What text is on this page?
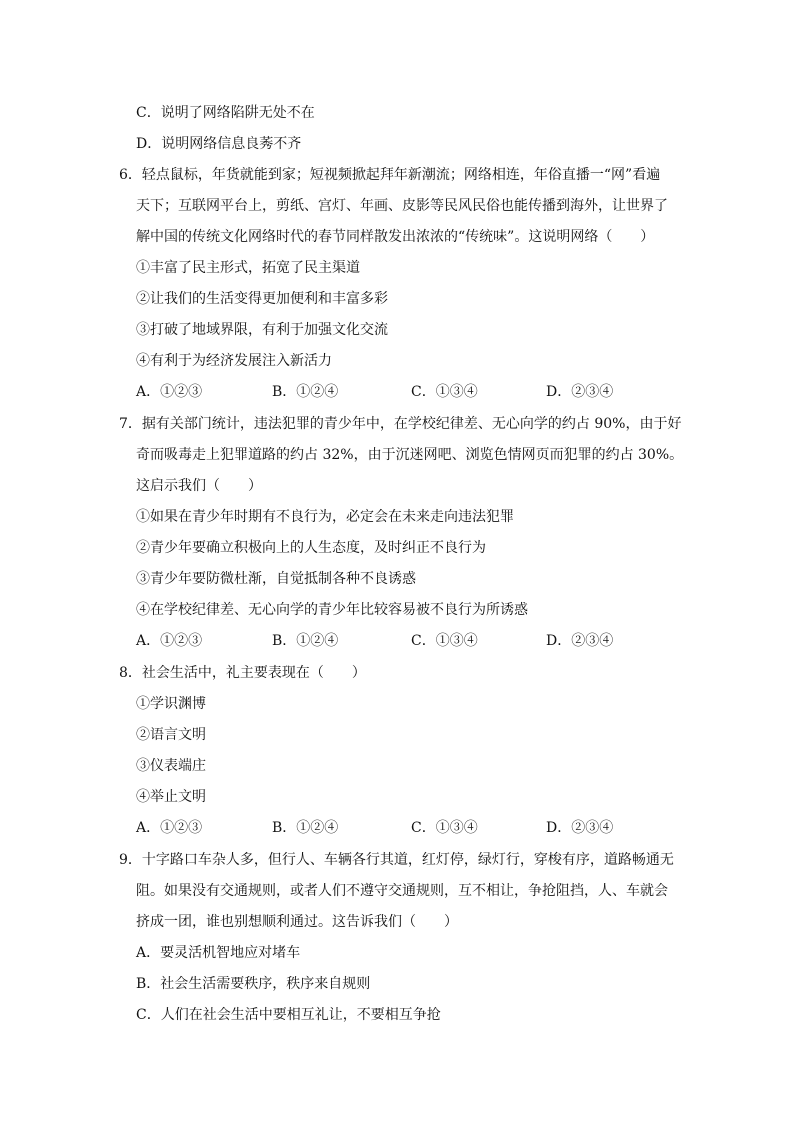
C．说明了网络陷阱无处不在
D．说明网络信息良莠不齐
6．轻点鼠标，年货就能到家；短视频掀起拜年新潮流；网络相连，年俗直播一“网”看遍
天下；互联网平台上，剪纸、宫灯、年画、皮影等民风民俗也能传播到海外，让世界了
解中国的传统文化网络时代的春节同样散发出浓浓的“传统味”。这说明网络（　　）
①丰富了民主形式，拓宽了民主渠道
②让我们的生活变得更加便利和丰富多彩
③打破了地域界限，有利于加强文化交流
④有利于为经济发展注入新活力
A．①②③	B．①②④	C．①③④	D．②③④
7．据有关部门统计，违法犯罪的青少年中，在学校纪律差、无心向学的约占 90%，由于好
奇而吸毒走上犯罪道路的约占 32%，由于沉迷网吧、浏览色情网页而犯罪的约占 30%。
这启示我们（　　）
①如果在青少年时期有不良行为，必定会在未来走向违法犯罪
②青少年要确立积极向上的人生态度，及时纠正不良行为
③青少年要防微杜渐，自觉抵制各种不良诱惑
④在学校纪律差、无心向学的青少年比较容易被不良行为所诱惑
A．①②③	B．①②④	C．①③④	D．②③④
8．社会生活中，礼主要表现在（　　）
①学识渊博
②语言文明
③仪表端庄
④举止文明
A．①②③	B．①②④	C．①③④	D．②③④
9．十字路口车杂人多，但行人、车辆各行其道，红灯停，绿灯行，穿梭有序，道路畅通无
阻。如果没有交通规则，或者人们不遵守交通规则，互不相让，争抢阻挡，人、车就会
挤成一团，谁也别想顺利通过。这告诉我们（　　）
A．要灵活机智地应对堵车
B．社会生活需要秩序，秩序来自规则
C．人们在社会生活中要相互礼让，不要相互争抢
